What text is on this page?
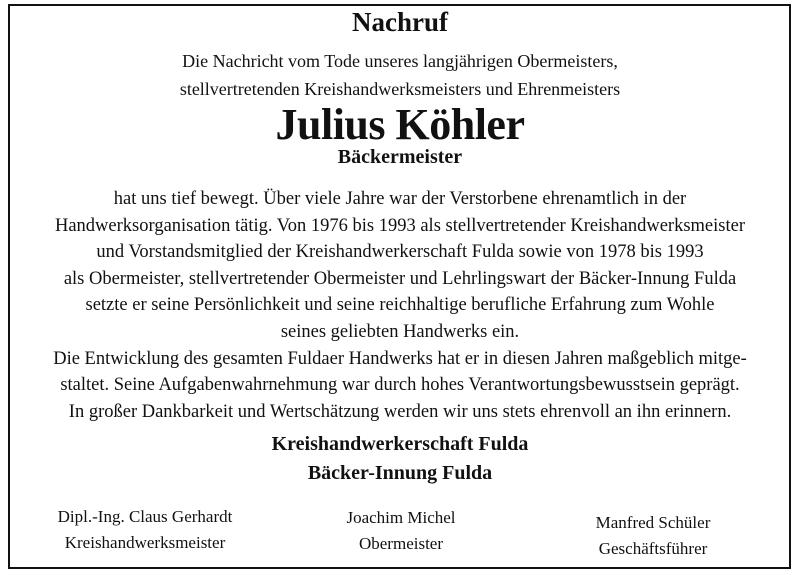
Nachruf
Die Nachricht vom Tode unseres langjährigen Obermeisters,
stellvertretenden Kreishandwerksmeisters und Ehrenmeisters
Julius Köhler
Bäckermeister
hat uns tief bewegt. Über viele Jahre war der Verstorbene ehrenamtlich in der
Handwerksorganisation tätig. Von 1976 bis 1993 als stellvertretender Kreishandwerksmeister
und Vorstandsmitglied der Kreishandwerkerschaft Fulda sowie von 1978 bis 1993
als Obermeister, stellvertretender Obermeister und Lehrlingswart der Bäcker-Innung Fulda
setzte er seine Persönlichkeit und seine reichhaltige berufliche Erfahrung zum Wohle
seines geliebten Handwerks ein.
Die Entwicklung des gesamten Fuldaer Handwerks hat er in diesen Jahren maßgeblich mitge-
staltet. Seine Aufgabenwahrnehmung war durch hohes Verantwortungsbewusstsein geprägt.
In großer Dankbarkeit und Wertschätzung werden wir uns stets ehrenvoll an ihn erinnern.
Kreishandwerkerschaft Fulda
Bäcker-Innung Fulda
Dipl.-Ing. Claus Gerhardt
Kreishandwerksmeister
Joachim Michel
Obermeister
Manfred Schüler
Geschäftsführer
